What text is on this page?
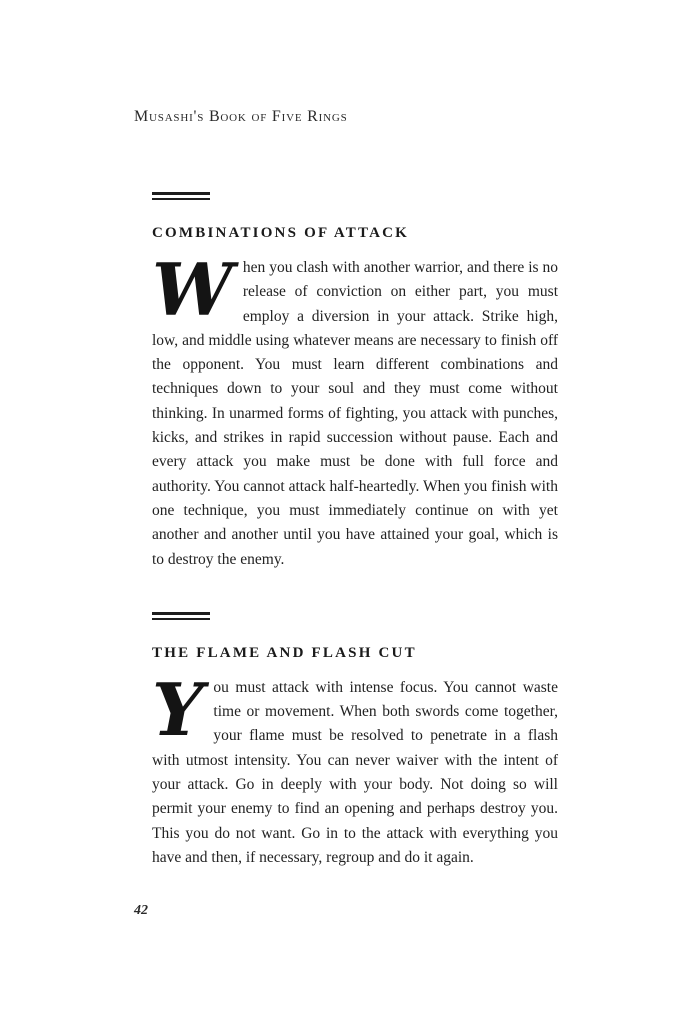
Musashi's Book of Five Rings
COMBINATIONS OF ATTACK

When you clash with another warrior, and there is no release of conviction on either part, you must employ a diversion in your attack. Strike high, low, and middle using whatever means are necessary to finish off the opponent. You must learn different combinations and techniques down to your soul and they must come without thinking. In unarmed forms of fighting, you attack with punches, kicks, and strikes in rapid succession without pause. Each and every attack you make must be done with full force and authority. You cannot attack half-heartedly. When you finish with one technique, you must immediately continue on with yet another and another until you have attained your goal, which is to destroy the enemy.

THE FLAME AND FLASH CUT

You must attack with intense focus. You cannot waste time or movement. When both swords come together, your flame must be resolved to penetrate in a flash with utmost intensity. You can never waiver with the intent of your attack. Go in deeply with your body. Not doing so will permit your enemy to find an opening and perhaps destroy you. This you do not want. Go in to the attack with everything you have and then, if necessary, regroup and do it again.

42
